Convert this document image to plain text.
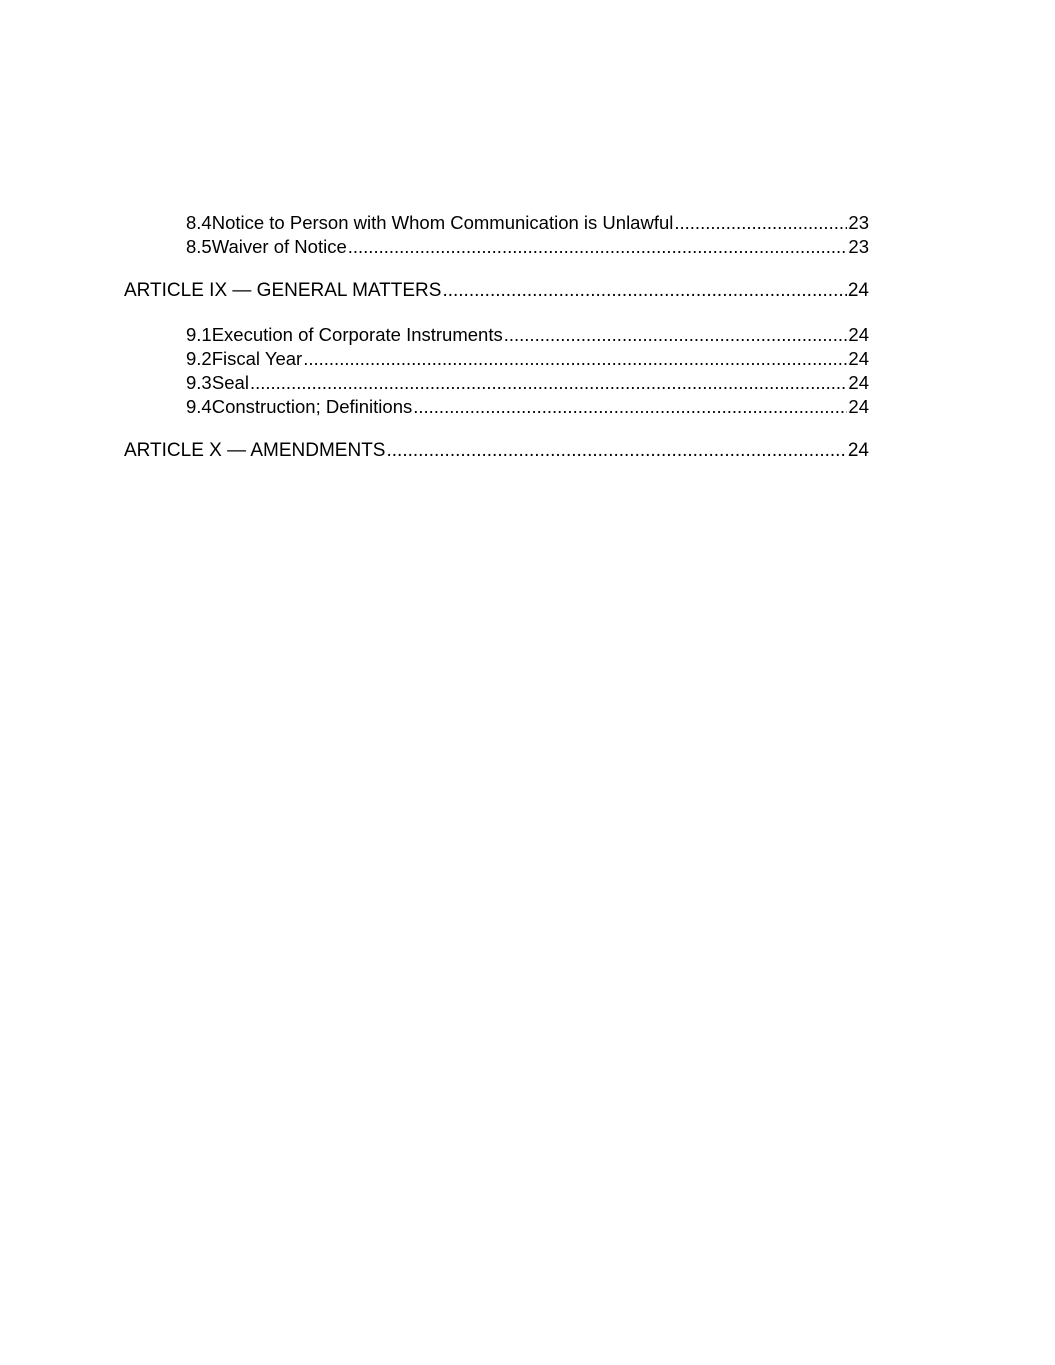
8.4 Notice to Person with Whom Communication is Unlawful .....	23
8.5 Waiver of Notice .....	23
ARTICLE IX — GENERAL MATTERS .....	24
9.1 Execution of Corporate Instruments .....	24
9.2 Fiscal Year .....	24
9.3 Seal .....	24
9.4 Construction; Definitions .....	24
ARTICLE X — AMENDMENTS .....	24
